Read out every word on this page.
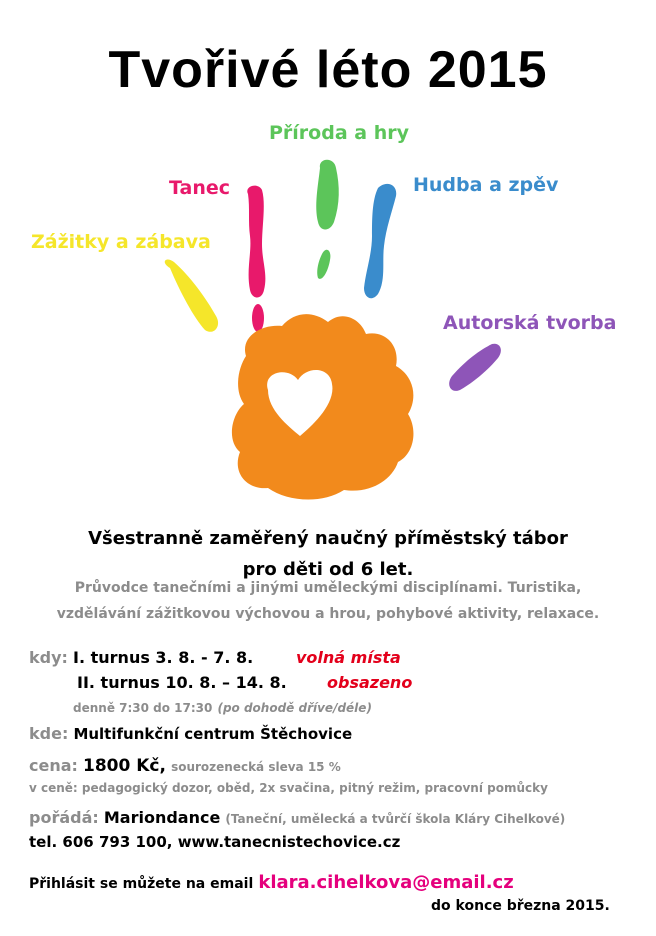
Tvořivé léto 2015
Zážitky a zábava
Tanec
Příroda a hry
Hudba a zpěv
Autorská tvorba
Všestranně zaměřený naučný příměstský tábor
pro děti od 6 let.
Průvodce tanečními a jinými uměleckými disciplínami. Turistika,
vzdělávání zážitkovou výchovou a hrou, pohybové aktivity, relaxace.
kdy: I. turnus 3. 8. - 7. 8.	volná místa
II. turnus 10. 8. – 14. 8.	obsazeno
denně 7:30 do 17:30 (po dohodě dříve/déle)
kde: Multifunkční centrum Štěchovice
cena: 1800 Kč, sourozenecká sleva 15 %
v ceně: pedagogický dozor, oběd, 2x svačina, pitný režim, pracovní pomůcky
pořádá: Mariondance (Taneční, umělecká a tvůrčí škola Kláry Cihelkové)
tel. 606 793 100, www.tanecnistechovice.cz
Přihlásit se můžete na email klara.cihelkova@email.cz
do konce března 2015.
